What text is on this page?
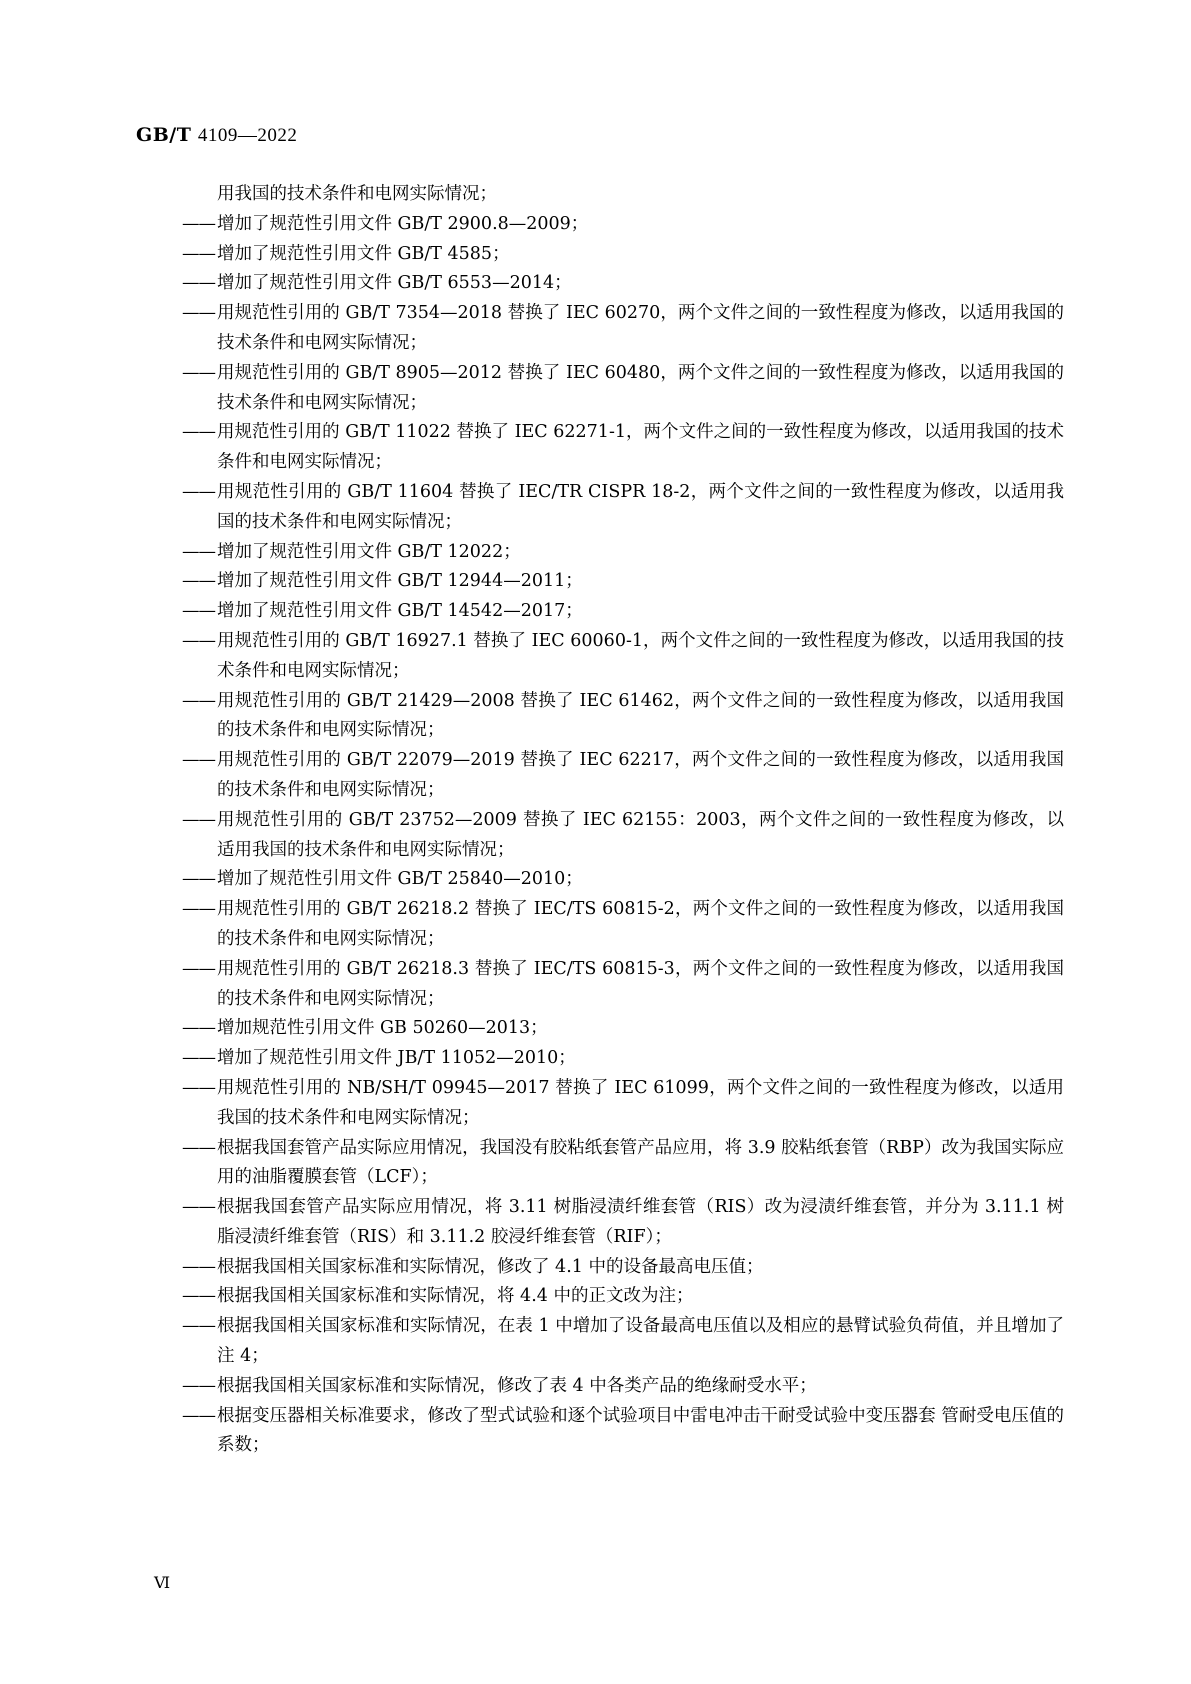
GB/T 4109—2022
用我国的技术条件和电网实际情况；
—— 增加了规范性引用文件 GB/T 2900.8—2009；
—— 增加了规范性引用文件 GB/T 4585；
—— 增加了规范性引用文件 GB/T 6553—2014；
—— 用规范性引用的 GB/T 7354—2018 替换了 IEC 60270，两个文件之间的一致性程度为修改，以适用我国的技术条件和电网实际情况；
—— 用规范性引用的 GB/T 8905—2012 替换了 IEC 60480，两个文件之间的一致性程度为修改，以适用我国的技术条件和电网实际情况；
—— 用规范性引用的 GB/T 11022 替换了 IEC 62271-1，两个文件之间的一致性程度为修改，以适用我国的技术条件和电网实际情况；
—— 用规范性引用的 GB/T 11604 替换了 IEC/TR CISPR 18-2，两个文件之间的一致性程度为修改，以适用我国的技术条件和电网实际情况；
—— 增加了规范性引用文件 GB/T 12022；
—— 增加了规范性引用文件 GB/T 12944—2011；
—— 增加了规范性引用文件 GB/T 14542—2017；
—— 用规范性引用的 GB/T 16927.1 替换了 IEC 60060-1，两个文件之间的一致性程度为修改，以适用我国的技术条件和电网实际情况；
—— 用规范性引用的 GB/T 21429—2008 替换了 IEC 61462，两个文件之间的一致性程度为修改，以适用我国的技术条件和电网实际情况；
—— 用规范性引用的 GB/T 22079—2019 替换了 IEC 62217，两个文件之间的一致性程度为修改，以适用我国的技术条件和电网实际情况；
—— 用规范性引用的 GB/T 23752—2009 替换了 IEC 62155：2003，两个文件之间的一致性程度为修改，以适用我国的技术条件和电网实际情况；
—— 增加了规范性引用文件 GB/T 25840—2010；
—— 用规范性引用的 GB/T 26218.2 替换了 IEC/TS 60815-2，两个文件之间的一致性程度为修改，以适用我国的技术条件和电网实际情况；
—— 用规范性引用的 GB/T 26218.3 替换了 IEC/TS 60815-3，两个文件之间的一致性程度为修改，以适用我国的技术条件和电网实际情况；
—— 增加规范性引用文件 GB 50260—2013；
—— 增加了规范性引用文件 JB/T 11052—2010；
—— 用规范性引用的 NB/SH/T 09945—2017 替换了 IEC 61099，两个文件之间的一致性程度为修改，以适用我国的技术条件和电网实际情况；
—— 根据我国套管产品实际应用情况，我国没有胶粘纸套管产品应用，将 3.9 胶粘纸套管（RBP）改为我国实际应用的油脂覆膜套管（LCF）；
—— 根据我国套管产品实际应用情况，将 3.11 树脂浸渍纤维套管（RIS）改为浸渍纤维套管，并分为 3.11.1 树脂浸渍纤维套管（RIS）和 3.11.2 胶浸纤维套管（RIF）；
—— 根据我国相关国家标准和实际情况，修改了 4.1 中的设备最高电压值；
—— 根据我国相关国家标准和实际情况，将 4.4 中的正文改为注；
—— 根据我国相关国家标准和实际情况，在表 1 中增加了设备最高电压值以及相应的悬臂试验负荷值，并且增加了注 4；
—— 根据我国相关国家标准和实际情况，修改了表 4 中各类产品的绝缘耐受水平；
—— 根据变压器相关标准要求，修改了型式试验和逐个试验项目中雷电冲击干耐受试验中变压器套 管耐受电压值的系数；
Ⅵ
